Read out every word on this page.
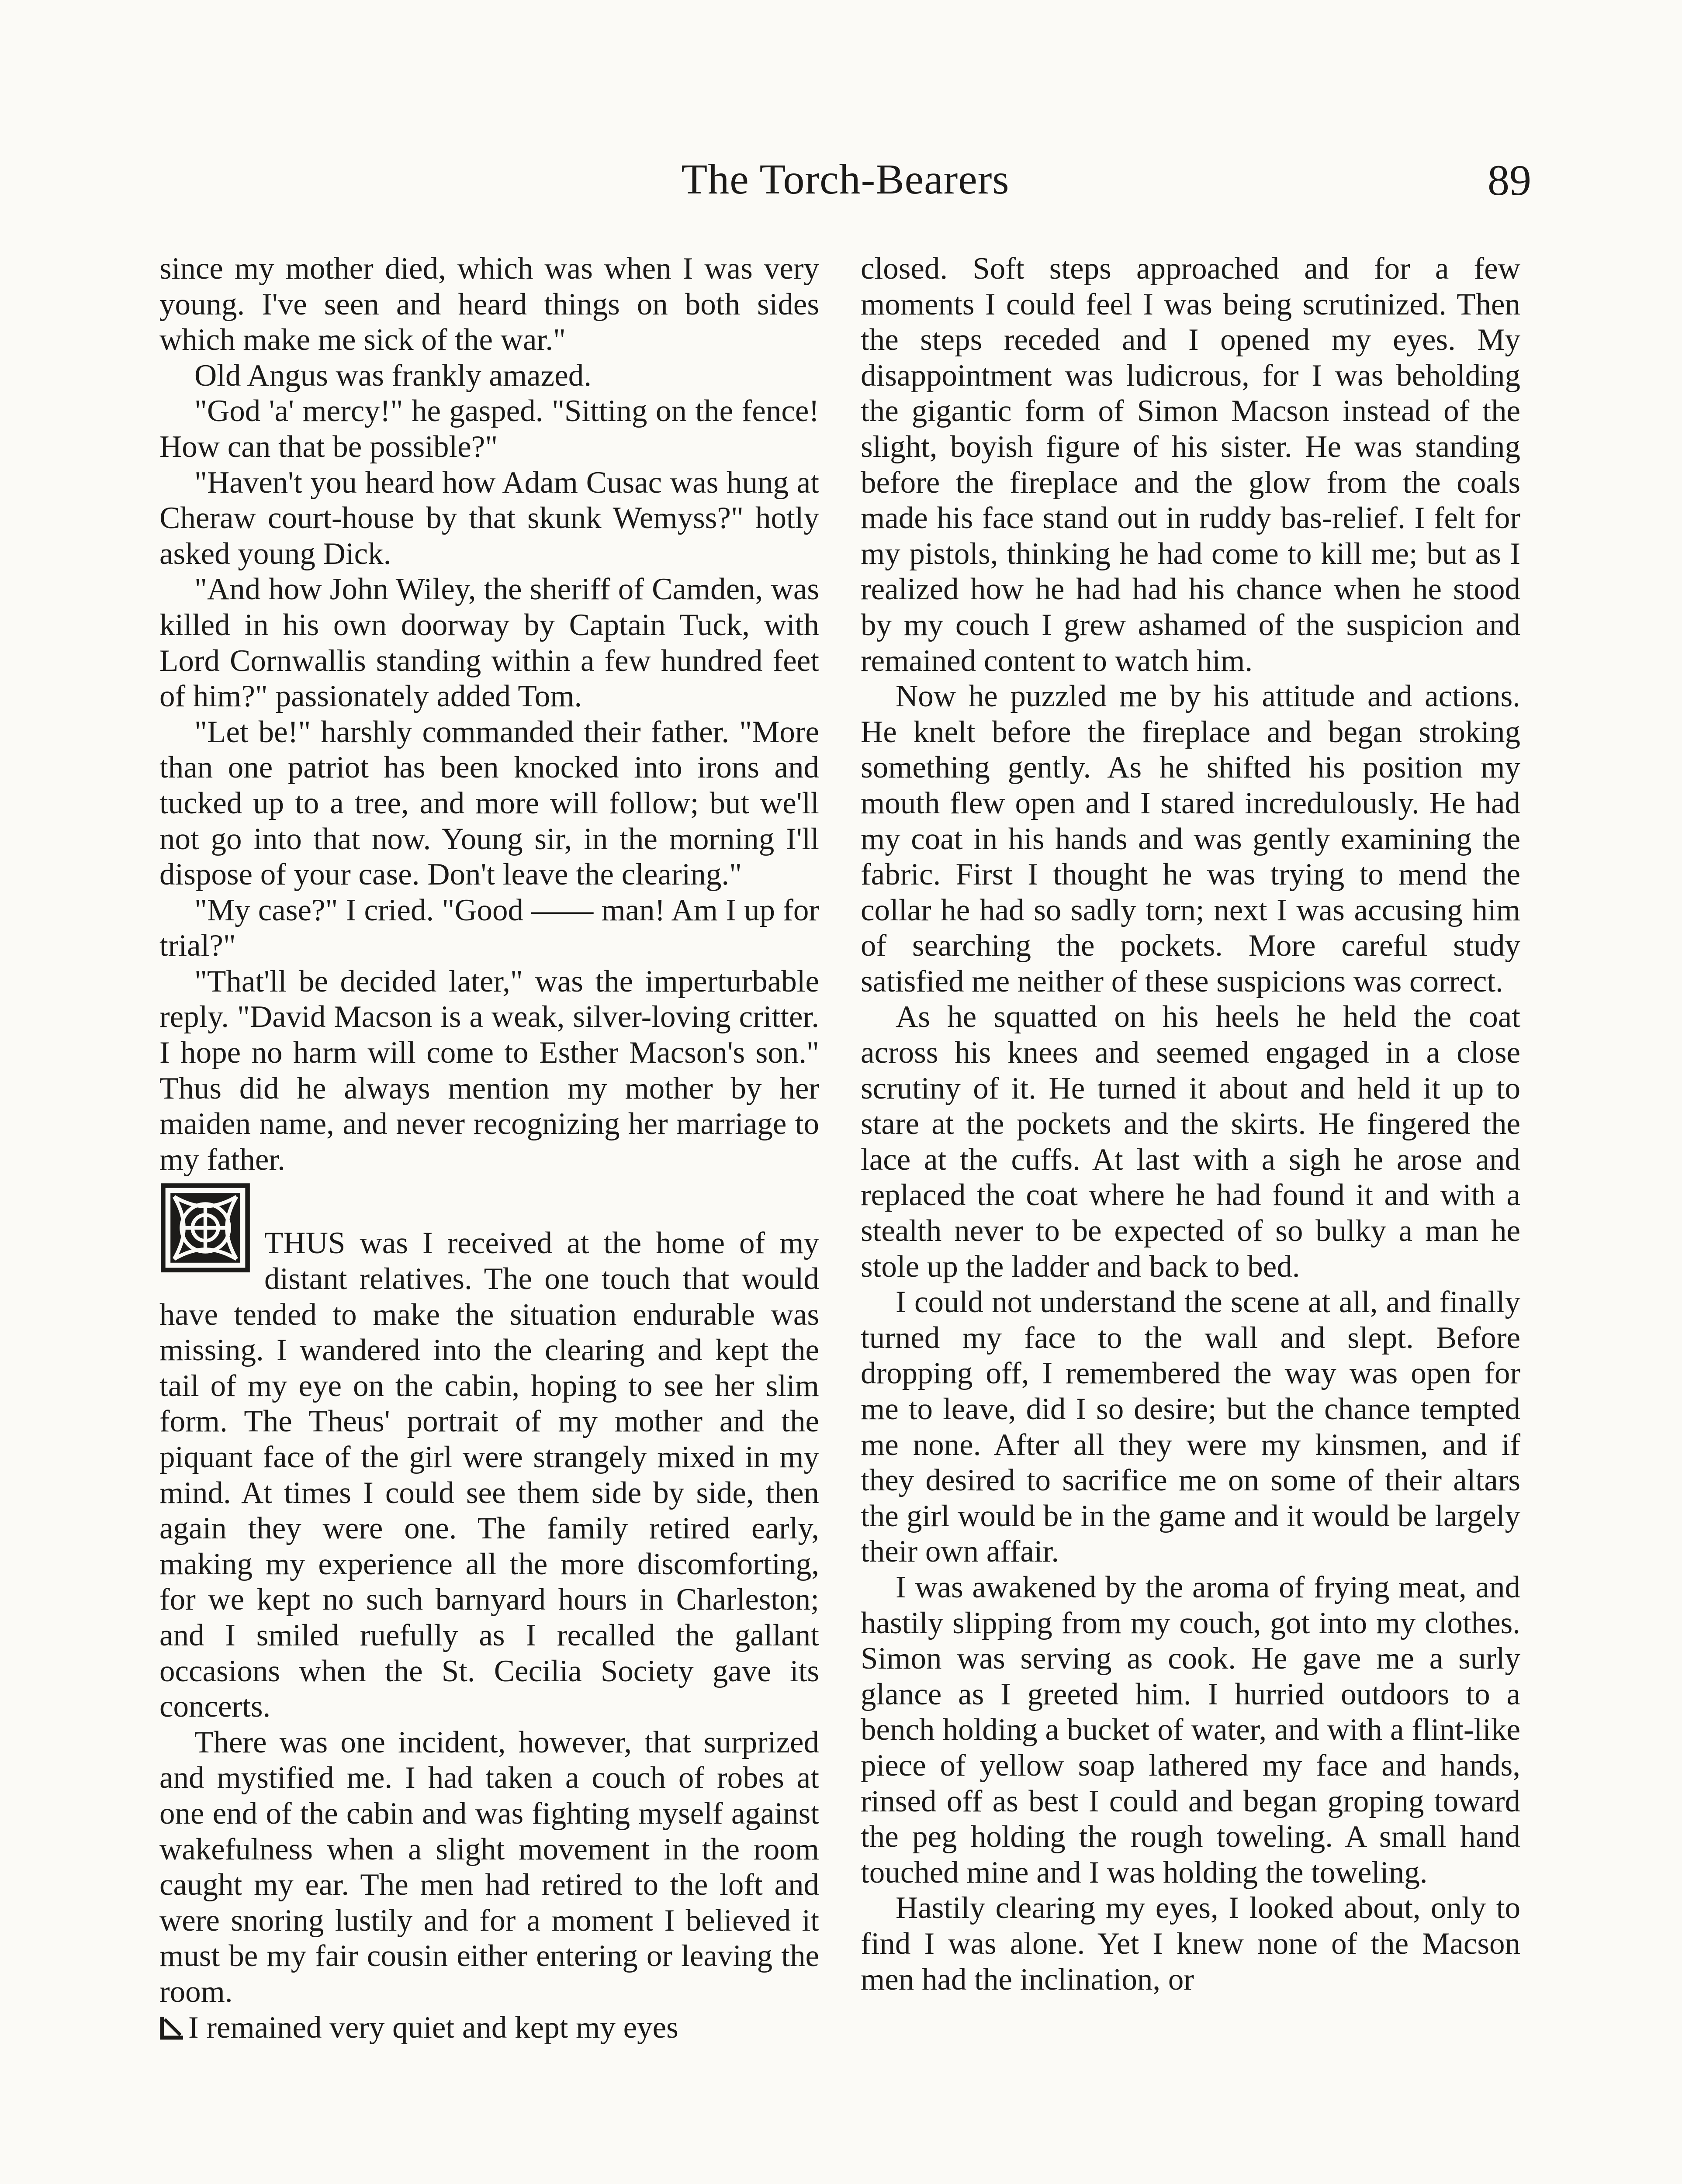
The Torch-Bearers	89

since my mother died, which was when I was very young. I've seen and heard things on both sides which make me sick of the war."

Old Angus was frankly amazed.

"God 'a' mercy!" he gasped. "Sitting on the fence! How can that be possible?"

"Haven't you heard how Adam Cusac was hung at Cheraw court-house by that skunk Wemyss?" hotly asked young Dick.

"And how John Wiley, the sheriff of Camden, was killed in his own doorway by Captain Tuck, with Lord Cornwallis standing within a few hundred feet of him?" passionately added Tom.

"Let be!" harshly commanded their father. "More than one patriot has been knocked into irons and tucked up to a tree, and more will follow; but we'll not go into that now. Young sir, in the morning I'll dispose of your case. Don't leave the clearing."

"My case?" I cried. "Good —— man! Am I up for trial?"

"That'll be decided later," was the imperturbable reply. "David Macson is a weak, silver-loving critter. I hope no harm will come to Esther Macson's son." Thus did he always mention my mother by her maiden name, and never recognizing her marriage to my father.

THUS was I received at the home of my distant relatives. The one touch that would have tended to make the situation endurable was missing. I wandered into the clearing and kept the tail of my eye on the cabin, hoping to see her slim form. The Theus' portrait of my mother and the piquant face of the girl were strangely mixed in my mind. At times I could see them side by side, then again they were one. The family retired early, making my experience all the more discomforting, for we kept no such barnyard hours in Charleston; and I smiled ruefully as I recalled the gallant occasions when the St. Cecilia Society gave its concerts.

There was one incident, however, that surprized and mystified me. I had taken a couch of robes at one end of the cabin and was fighting myself against wakefulness when a slight movement in the room caught my ear. The men had retired to the loft and were snoring lustily and for a moment I believed it must be my fair cousin either entering or leaving the room.

I remained very quiet and kept my eyes

closed. Soft steps approached and for a few moments I could feel I was being scrutinized. Then the steps receded and I opened my eyes. My disappointment was ludicrous, for I was beholding the gigantic form of Simon Macson instead of the slight, boyish figure of his sister. He was standing before the fireplace and the glow from the coals made his face stand out in ruddy bas-relief. I felt for my pistols, thinking he had come to kill me; but as I realized how he had had his chance when he stood by my couch I grew ashamed of the suspicion and remained content to watch him.

Now he puzzled me by his attitude and actions. He knelt before the fireplace and began stroking something gently. As he shifted his position my mouth flew open and I stared incredulously. He had my coat in his hands and was gently examining the fabric. First I thought he was trying to mend the collar he had so sadly torn; next I was accusing him of searching the pockets. More careful study satisfied me neither of these suspicions was correct.

As he squatted on his heels he held the coat across his knees and seemed engaged in a close scrutiny of it. He turned it about and held it up to stare at the pockets and the skirts. He fingered the lace at the cuffs. At last with a sigh he arose and replaced the coat where he had found it and with a stealth never to be expected of so bulky a man he stole up the ladder and back to bed.

I could not understand the scene at all, and finally turned my face to the wall and slept. Before dropping off, I remembered the way was open for me to leave, did I so desire; but the chance tempted me none. After all they were my kinsmen, and if they desired to sacrifice me on some of their altars the girl would be in the game and it would be largely their own affair.

I was awakened by the aroma of frying meat, and hastily slipping from my couch, got into my clothes. Simon was serving as cook. He gave me a surly glance as I greeted him. I hurried outdoors to a bench holding a bucket of water, and with a flint-like piece of yellow soap lathered my face and hands, rinsed off as best I could and began groping toward the peg holding the rough toweling. A small hand touched mine and I was holding the toweling.

Hastily clearing my eyes, I looked about, only to find I was alone. Yet I knew none of the Macson men had the inclination, or
